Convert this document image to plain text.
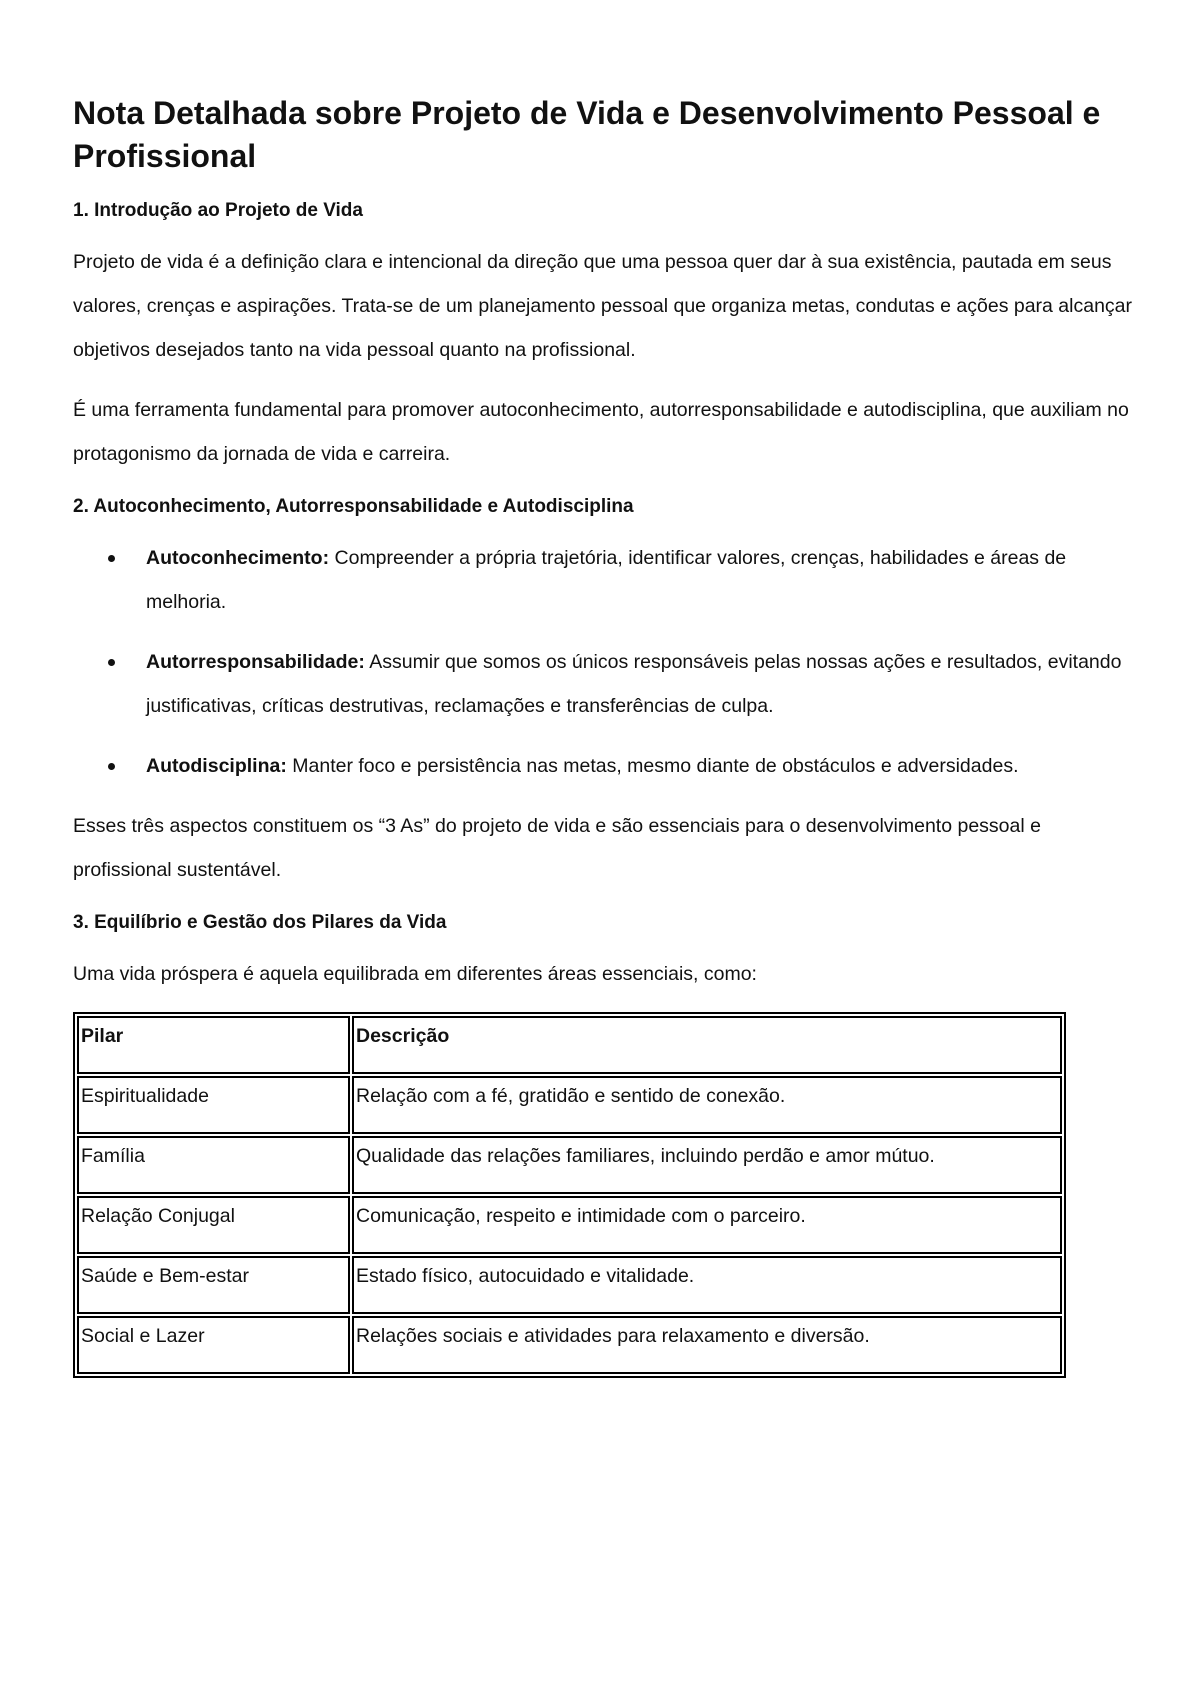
Nota Detalhada sobre Projeto de Vida e Desenvolvimento Pessoal e Profissional
1. Introdução ao Projeto de Vida

Projeto de vida é a definição clara e intencional da direção que uma pessoa quer dar à sua existência, pautada em seus valores, crenças e aspirações. Trata-se de um planejamento pessoal que organiza metas, condutas e ações para alcançar objetivos desejados tanto na vida pessoal quanto na profissional.

É uma ferramenta fundamental para promover autoconhecimento, autorresponsabilidade e autodisciplina, que auxiliam no protagonismo da jornada de vida e carreira.

2. Autoconhecimento, Autorresponsabilidade e Autodisciplina
Autoconhecimento: Compreender a própria trajetória, identificar valores, crenças, habilidades e áreas de melhoria.
Autorresponsabilidade: Assumir que somos os únicos responsáveis pelas nossas ações e resultados, evitando justificativas, críticas destrutivas, reclamações e transferências de culpa.
Autodisciplina: Manter foco e persistência nas metas, mesmo diante de obstáculos e adversidades.

Esses três aspectos constituem os “3 As” do projeto de vida e são essenciais para o desenvolvimento pessoal e profissional sustentável.

3. Equilíbrio e Gestão dos Pilares da Vida

Uma vida próspera é aquela equilibrada em diferentes áreas essenciais, como:

Pilar	Descrição
Espiritualidade	Relação com a fé, gratidão e sentido de conexão.
Família	Qualidade das relações familiares, incluindo perdão e amor mútuo.
Relação Conjugal	Comunicação, respeito e intimidade com o parceiro.
Saúde e Bem-estar	Estado físico, autocuidado e vitalidade.
Social e Lazer	Relações sociais e atividades para relaxamento e diversão.
